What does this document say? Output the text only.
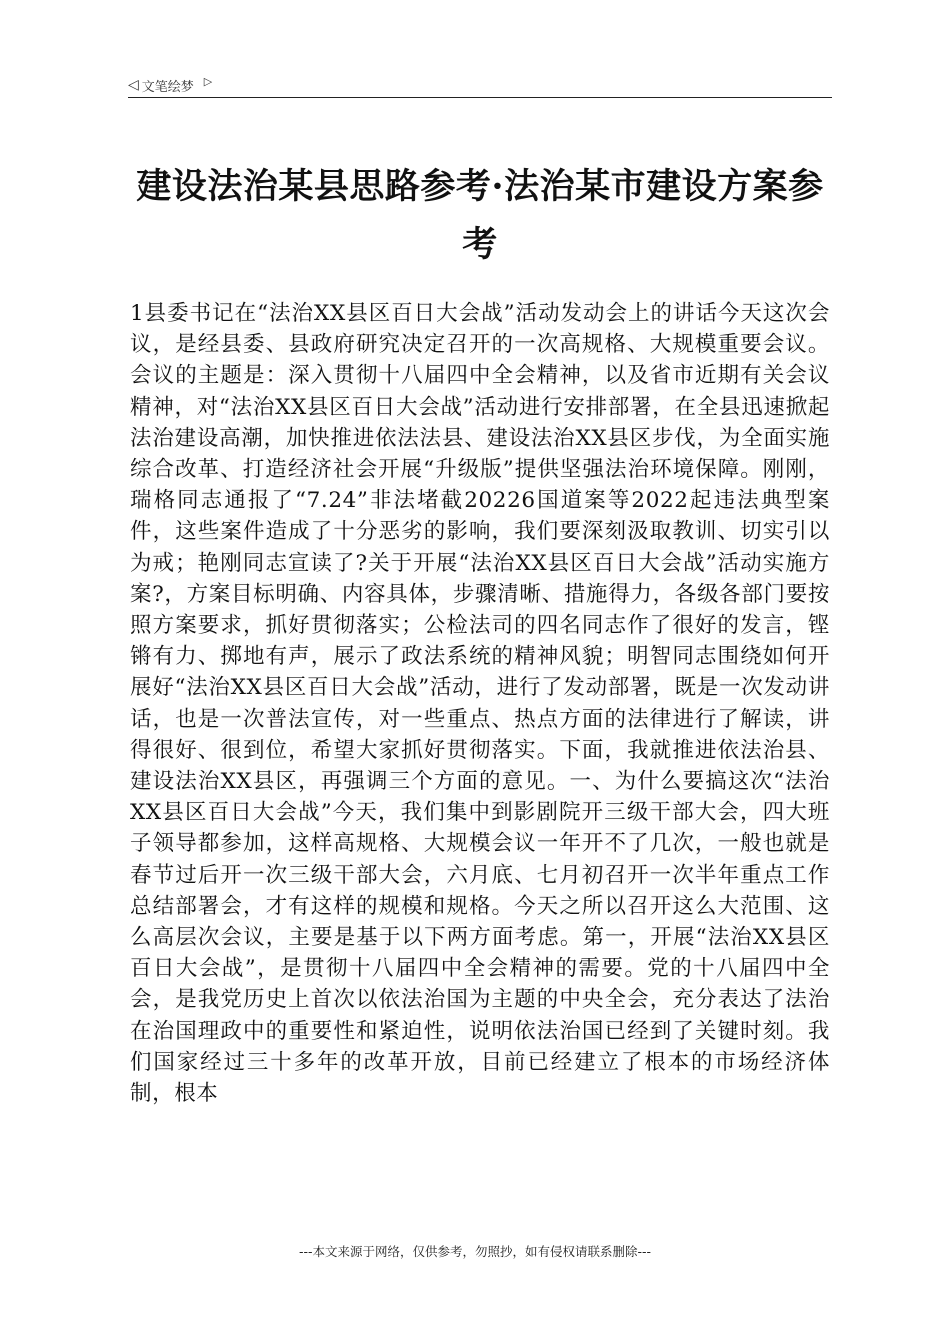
◁ 文笔绘梦 ▷
建设法治某县思路参考·法治某市建设方案参考
1县委书记在“法治XX县区百日大会战”活动发动会上的讲话今天这次会议，是经县委、县政府研究决定召开的一次高规格、大规模重要会议。会议的主题是：深入贯彻十八届四中全会精神，以及省市近期有关会议精神，对“法治XX县区百日大会战”活动进行安排部署，在全县迅速掀起法治建设高潮，加快推进依法法县、建设法治XX县区步伐，为全面实施综合改革、打造经济社会开展“升级版”提供坚强法治环境保障。刚刚，瑞格同志通报了“7.24”非法堵截20226国道案等2022起违法典型案件，这些案件造成了十分恶劣的影响，我们要深刻汲取教训、切实引以为戒；艳刚同志宣读了?关于开展“法治XX县区百日大会战”活动实施方案?，方案目标明确、内容具体，步骤清晰、措施得力，各级各部门要按照方案要求，抓好贯彻落实；公检法司的四名同志作了很好的发言，铿锵有力、掷地有声，展示了政法系统的精神风貌；明智同志围绕如何开展好“法治XX县区百日大会战”活动，进行了发动部署，既是一次发动讲话，也是一次普法宣传，对一些重点、热点方面的法律进行了解读，讲得很好、很到位，希望大家抓好贯彻落实。下面，我就推进依法治县、建设法治XX县区，再强调三个方面的意见。一、为什么要搞这次“法治XX县区百日大会战”今天，我们集中到影剧院开三级干部大会，四大班子领导都参加，这样高规格、大规模会议一年开不了几次，一般也就是春节过后开一次三级干部大会，六月底、七月初召开一次半年重点工作总结部署会，才有这样的规模和规格。今天之所以召开这么大范围、这么高层次会议，主要是基于以下两方面考虑。第一，开展“法治XX县区百日大会战”，是贯彻十八届四中全会精神的需要。党的十八届四中全会，是我党历史上首次以依法治国为主题的中央全会，充分表达了法治在治国理政中的重要性和紧迫性，说明依法治国已经到了关键时刻。我们国家经过三十多年的改革开放，目前已经建立了根本的市场经济体制，根本
---本文来源于网络，仅供参考，勿照抄，如有侵权请联系删除---
